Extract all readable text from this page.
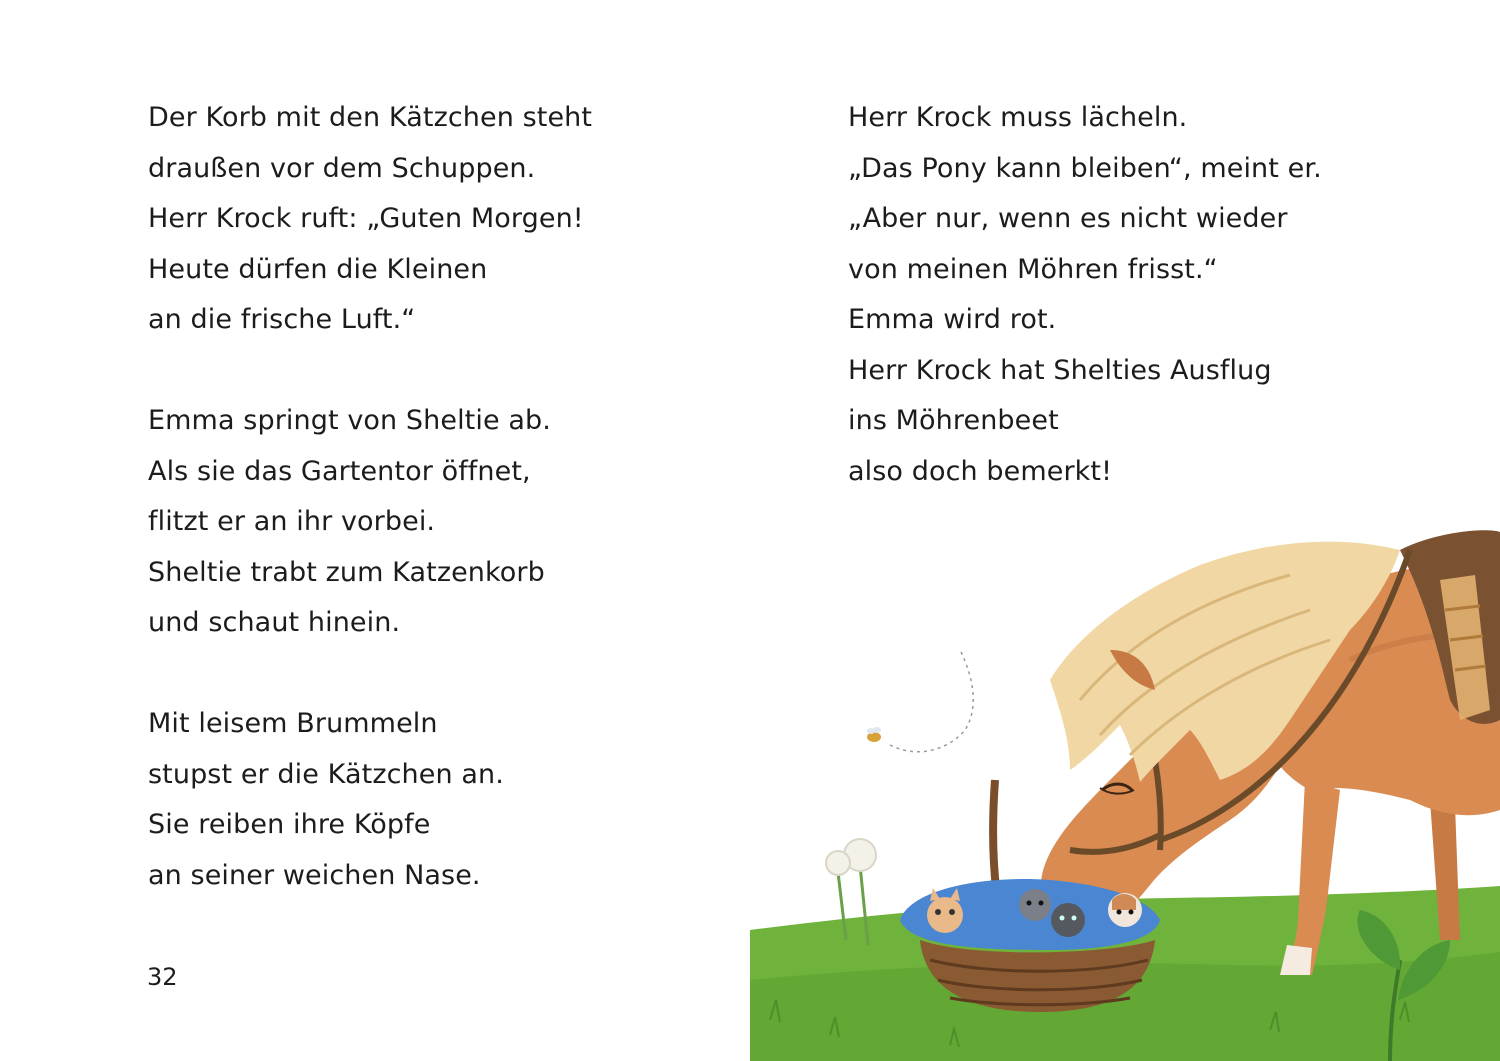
Der Korb mit den Kätzchen steht
draußen vor dem Schuppen.
Herr Krock ruft: „Guten Morgen!
Heute dürfen die Kleinen
an die frische Luft.“
Emma springt von Sheltie ab.
Als sie das Gartentor öffnet,
flitzt er an ihr vorbei.
Sheltie trabt zum Katzenkorb
und schaut hinein.
Mit leisem Brummeln
stupst er die Kätzchen an.
Sie reiben ihre Köpfe
an seiner weichen Nase.
32
Herr Krock muss lächeln.
„Das Pony kann bleiben“, meint er.
„Aber nur, wenn es nicht wieder
von meinen Möhren frisst.“
Emma wird rot.
Herr Krock hat Shelties Ausflug
ins Möhrenbeet
also doch bemerkt!
